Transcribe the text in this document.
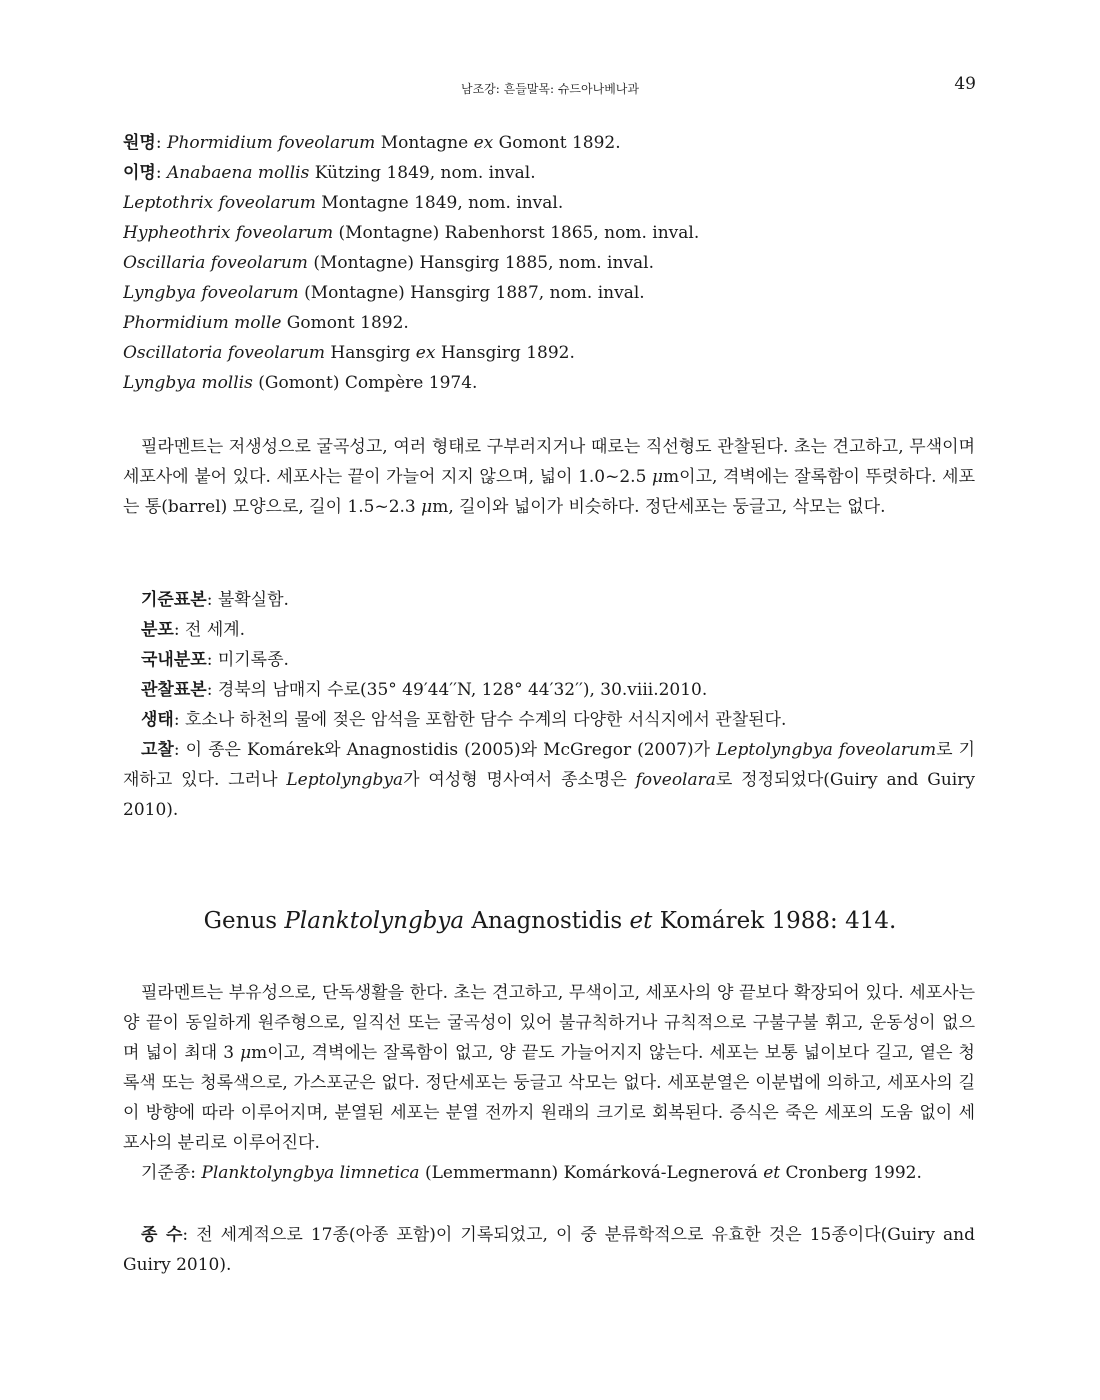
남조강: 흔들말목: 슈드아나베나과	49
원명: Phormidium foveolarum Montagne ex Gomont 1892.
이명: Anabaena mollis Kützing 1849, nom. inval.
Leptothrix foveolarum Montagne 1849, nom. inval.
Hypheothrix foveolarum (Montagne) Rabenhorst 1865, nom. inval.
Oscillaria foveolarum (Montagne) Hansgirg 1885, nom. inval.
Lyngbya foveolarum (Montagne) Hansgirg 1887, nom. inval.
Phormidium molle Gomont 1892.
Oscillatoria foveolarum Hansgirg ex Hansgirg 1892.
Lyngbya mollis (Gomont) Compère 1974.

필라멘트는 저생성으로 굴곡성고, 여러 형태로 구부러지거나 때로는 직선형도 관찰된다. 초는 견고하고, 무색이며 세포사에 붙어 있다. 세포사는 끝이 가늘어 지지 않으며, 넓이 1.0~2.5 μm이고, 격벽에는 잘록함이 뚜렷하다. 세포는 통(barrel) 모양으로, 길이 1.5~2.3 μm, 길이와 넓이가 비슷하다. 정단세포는 둥글고, 삭모는 없다.

기준표본: 불확실함.

분포: 전 세계.

국내분포: 미기록종.

관찰표본: 경북의 남매지 수로(35° 49′44′′N, 128° 44′32′′), 30.viii.2010.

생태: 호소나 하천의 물에 젖은 암석을 포함한 담수 수계의 다양한 서식지에서 관찰된다.

고찰: 이 종은 Komárek와 Anagnostidis (2005)와 McGregor (2007)가 Leptolyngbya foveolarum로 기재하고 있다. 그러나 Leptolyngbya가 여성형 명사여서 종소명은 foveolara로 정정되었다(Guiry and Guiry 2010).

Genus Planktolyngbya Anagnostidis et Komárek 1988: 414.

필라멘트는 부유성으로, 단독생활을 한다. 초는 견고하고, 무색이고, 세포사의 양 끝보다 확장되어 있다. 세포사는 양 끝이 동일하게 원주형으로, 일직선 또는 굴곡성이 있어 불규칙하거나 규칙적으로 구불구불 휘고, 운동성이 없으며 넓이 최대 3 μm이고, 격벽에는 잘록함이 없고, 양 끝도 가늘어지지 않는다. 세포는 보통 넓이보다 길고, 옅은 청록색 또는 청록색으로, 가스포군은 없다. 정단세포는 둥글고 삭모는 없다. 세포분열은 이분법에 의하고, 세포사의 길이 방향에 따라 이루어지며, 분열된 세포는 분열 전까지 원래의 크기로 회복된다. 증식은 죽은 세포의 도움 없이 세포사의 분리로 이루어진다.

기준종: Planktolyngbya limnetica (Lemmermann) Komárková-Legnerová et Cronberg 1992.

종 수: 전 세계적으로 17종(아종 포함)이 기록되었고, 이 중 분류학적으로 유효한 것은 15종이다(Guiry and Guiry 2010).
